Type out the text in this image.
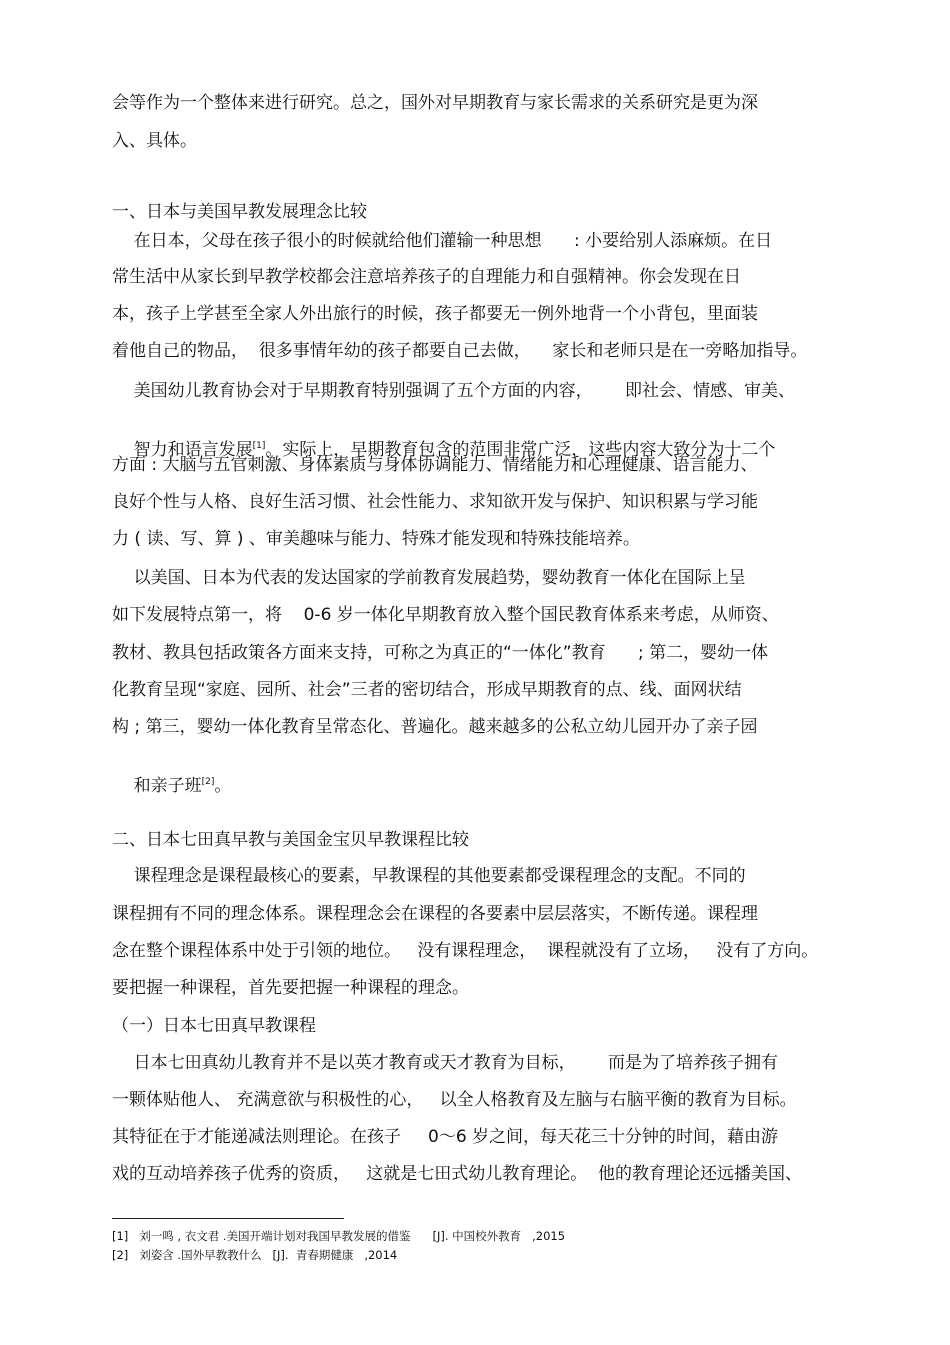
会等作为一个整体来进行研究。总之，国外对早期教育与家长需求的关系研究是更为深
入、具体。
一、日本与美国早教发展理念比较
在日本，父母在孩子很小的时候就给他们灌输一种思想      : 小要给别人添麻烦。在日
常生活中从家长到早教学校都会注意培养孩子的自理能力和自强精神。你会发现在日
本，孩子上学甚至全家人外出旅行的时候，孩子都要无一例外地背一个小背包，里面装
着他自己的物品，  很多事情年幼的孩子都要自己去做，    家长和老师只是在一旁略加指导。
美国幼儿教育协会对于早期教育特别强调了五个方面的内容，      即社会、情感、审美、

智力和语言发展[1]。实际上，早期教育包含的范围非常广泛，这些内容大致分为十二个

方面 : 大脑与五官刺激、身体素质与身体协调能力、情绪能力和心理健康、语言能力、
良好个性与人格、良好生活习惯、社会性能力、求知欲开发与保护、知识积累与学习能
力 ( 读、写、算 ) 、审美趣味与能力、特殊才能发现和特殊技能培养。
以美国、日本为代表的发达国家的学前教育发展趋势，婴幼教育一体化在国际上呈
如下发展特点第一，将    0-6 岁一体化早期教育放入整个国民教育体系来考虑，从师资、
教材、教具包括政策各方面来支持，可称之为真正的“一体化”教育      ; 第二，婴幼一体
化教育呈现“家庭、园所、社会”三者的密切结合，形成早期教育的点、线、面网状结
构 ; 第三，婴幼一体化教育呈常态化、普遍化。越来越多的公私立幼儿园开办了亲子园

和亲子班[2]。

二、日本七田真早教与美国金宝贝早教课程比较
课程理念是课程最核心的要素，早教课程的其他要素都受课程理念的支配。不同的
课程拥有不同的理念体系。课程理念会在课程的各要素中层层落实，不断传递。课程理
念在整个课程体系中处于引领的地位。   没有课程理念，  课程就没有了立场，   没有了方向。
要把握一种课程，首先要把握一种课程的理念。
（一）日本七田真早教课程
日本七田真幼儿教育并不是以英才教育或天才教育为目标，      而是为了培养孩子拥有
一颗体贴他人、 充满意欲与积极性的心，   以全人格教育及左脑与右脑平衡的教育为目标。
其特征在于才能递减法则理论。在孩子     0～6 岁之间，每天花三十分钟的时间，藉由游
戏的互动培养孩子优秀的资质，   这就是七田式幼儿教育理论。  他的教育理论还远播美国、
[1]   刘一鸣 , 衣文君 .美国开端计划对我国早教发展的借鉴      [J]. 中国校外教育   ,2015
[2]   刘姿含 .国外早教教什么   [J].  青春期健康   ,2014
